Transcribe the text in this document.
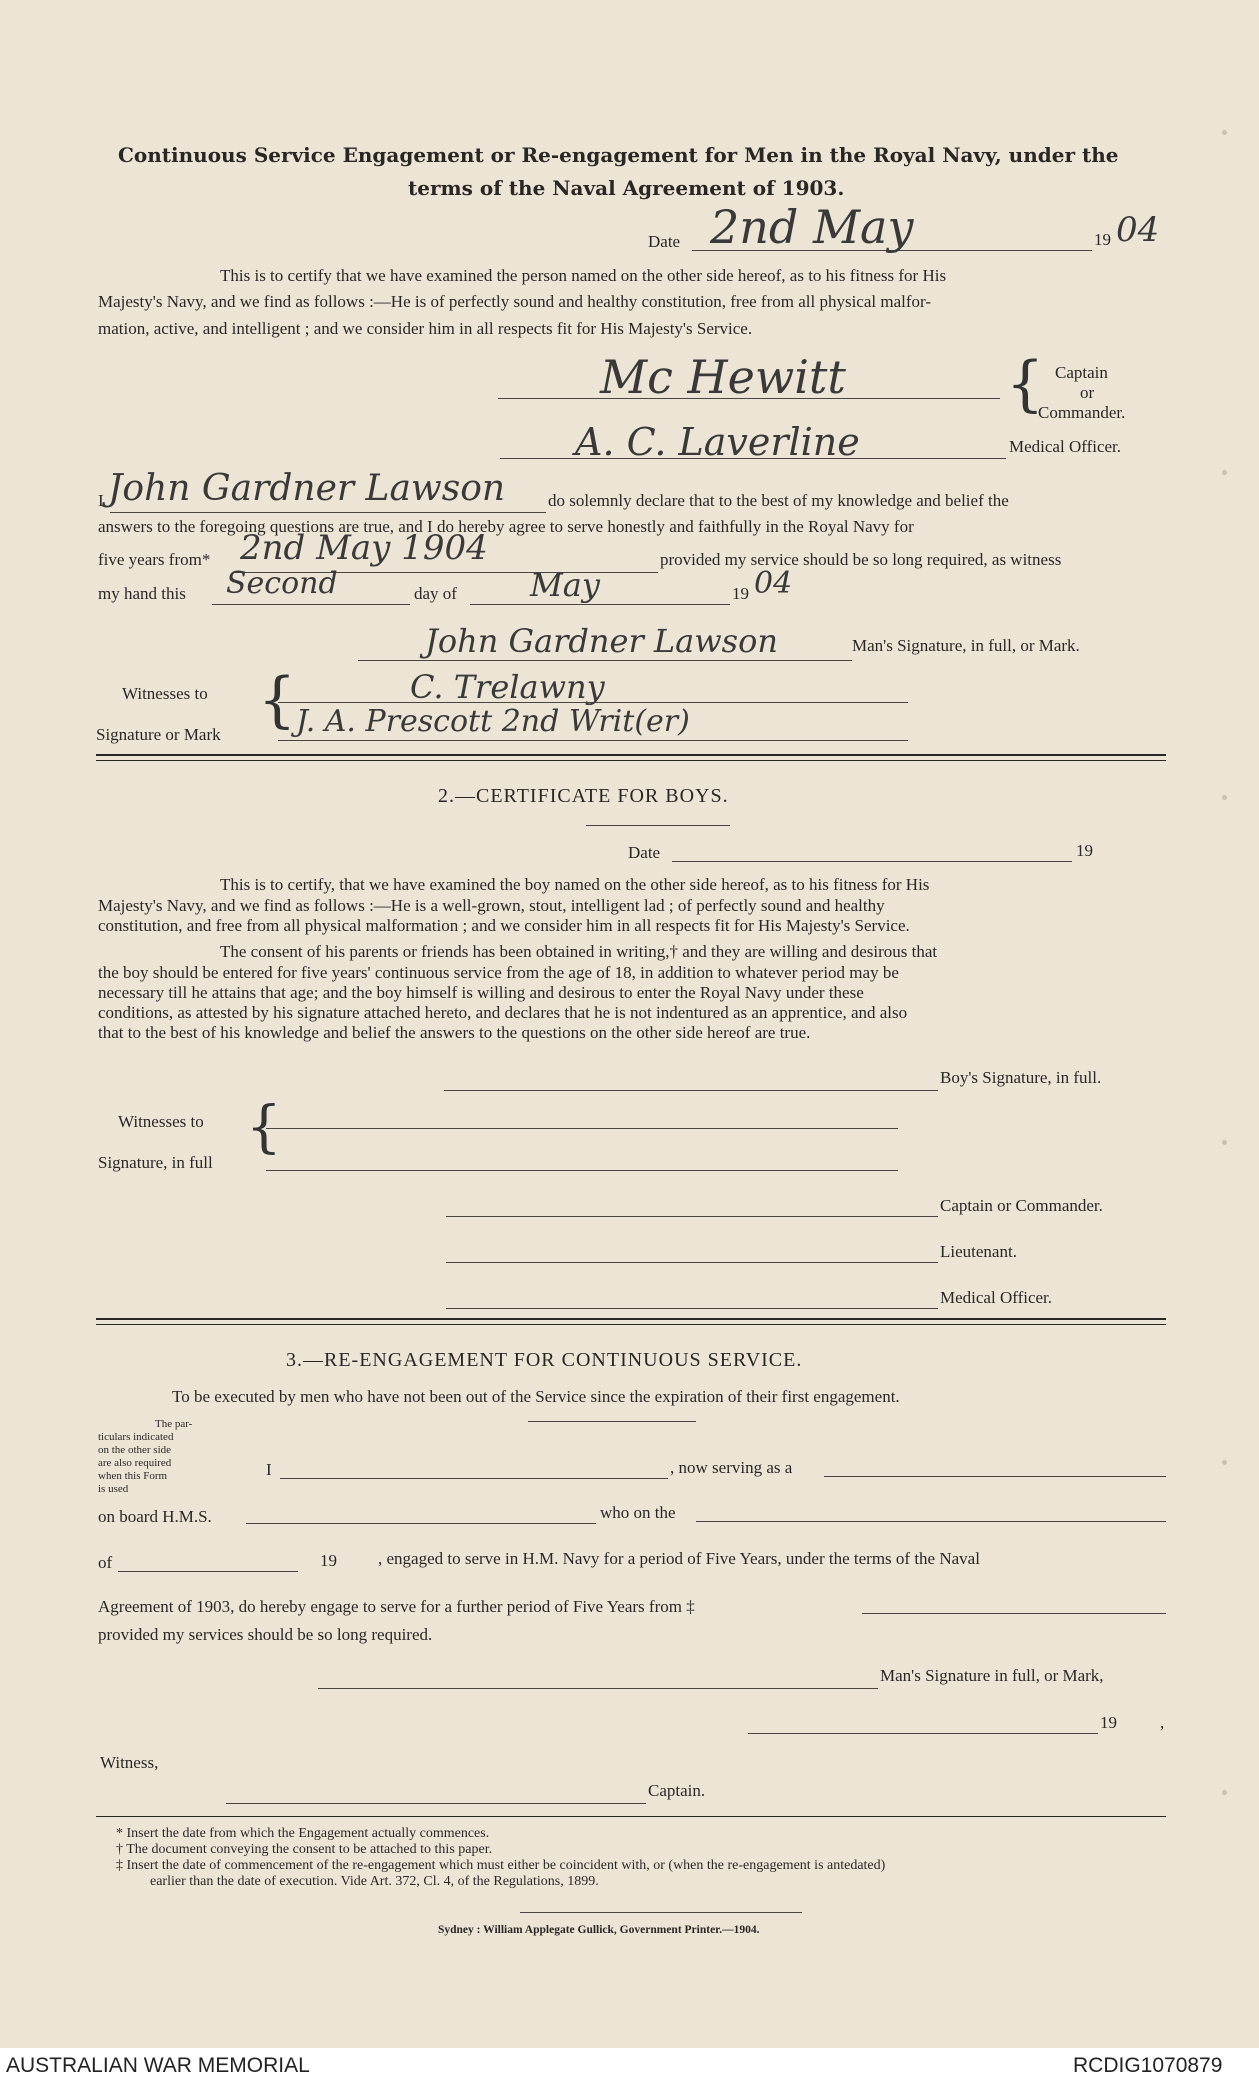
Continuous Service Engagement or Re-engagement for Men in the Royal Navy, under the
terms of the Naval Agreement of 1903.
Date 2nd May	19 04
This is to certify that we have examined the person named on the other side hereof, as to his fitness for His
Majesty's Navy, and we find as follows :—He is of perfectly sound and healthy constitution, free from all physical malfor-
mation, active, and intelligent ; and we consider him in all respects fit for His Majesty's Service.
Mc Hewitt	{ Captain
or
Commander.
A. C. Laverline	Medical Officer.
I John Gardner Lawson	do solemnly declare that to the best of my knowledge and belief the
answers to the foregoing questions are true, and I do hereby agree to serve honestly and faithfully in the Royal Navy for
five years from* 2nd May 1904	provided my service should be so long required, as witness
my hand this Second	day of May	19 04
John Gardner Lawson	Man's Signature, in full, or Mark.
Witnesses to
Signature or Mark {	C. Trelawny
J. A. Prescott 2nd Writ(er)
2.—CERTIFICATE FOR BOYS.
Date	19
This is to certify, that we have examined the boy named on the other side hereof, as to his fitness for His
Majesty's Navy, and we find as follows :—He is a well-grown, stout, intelligent lad ; of perfectly sound and healthy
constitution, and free from all physical malformation ; and we consider him in all respects fit for His Majesty's Service.
The consent of his parents or friends has been obtained in writing,† and they are willing and desirous that
the boy should be entered for five years' continuous service from the age of 18, in addition to whatever period may be
necessary till he attains that age; and the boy himself is willing and desirous to enter the Royal Navy under these
conditions, as attested by his signature attached hereto, and declares that he is not indentured as an apprentice, and also
that to the best of his knowledge and belief the answers to the questions on the other side hereof are true.
Boy's Signature, in full.
Witnesses to
Signature, in full
{
Captain or Commander.
Lieutenant.
Medical Officer.
3.—RE-ENGAGEMENT FOR CONTINUOUS SERVICE.
To be executed by men who have not been out of the Service since the expiration of their first engagement.
The par-
ticulars indicated
on the other side
are also required
when this Form
is used
I	, now serving as a
on board H.M.S.	who on the
of	19 , engaged to serve in H.M. Navy for a period of Five Years, under the terms of the Naval
Agreement of 1903, do hereby engage to serve for a further period of Five Years from ‡
provided my services should be so long required.
Man's Signature in full, or Mark,
19	,
Witness,
Captain.
* Insert the date from which the Engagement actually commences.
† The document conveying the consent to be attached to this paper.
‡ Insert the date of commencement of the re-engagement which must either be coincident with, or (when the re-engagement is antedated)
earlier than the date of execution. Vide Art. 372, Cl. 4, of the Regulations, 1899.
Sydney : William Applegate Gullick, Government Printer.—1904.
AUSTRALIAN WAR MEMORIAL	RCDIG1070879
